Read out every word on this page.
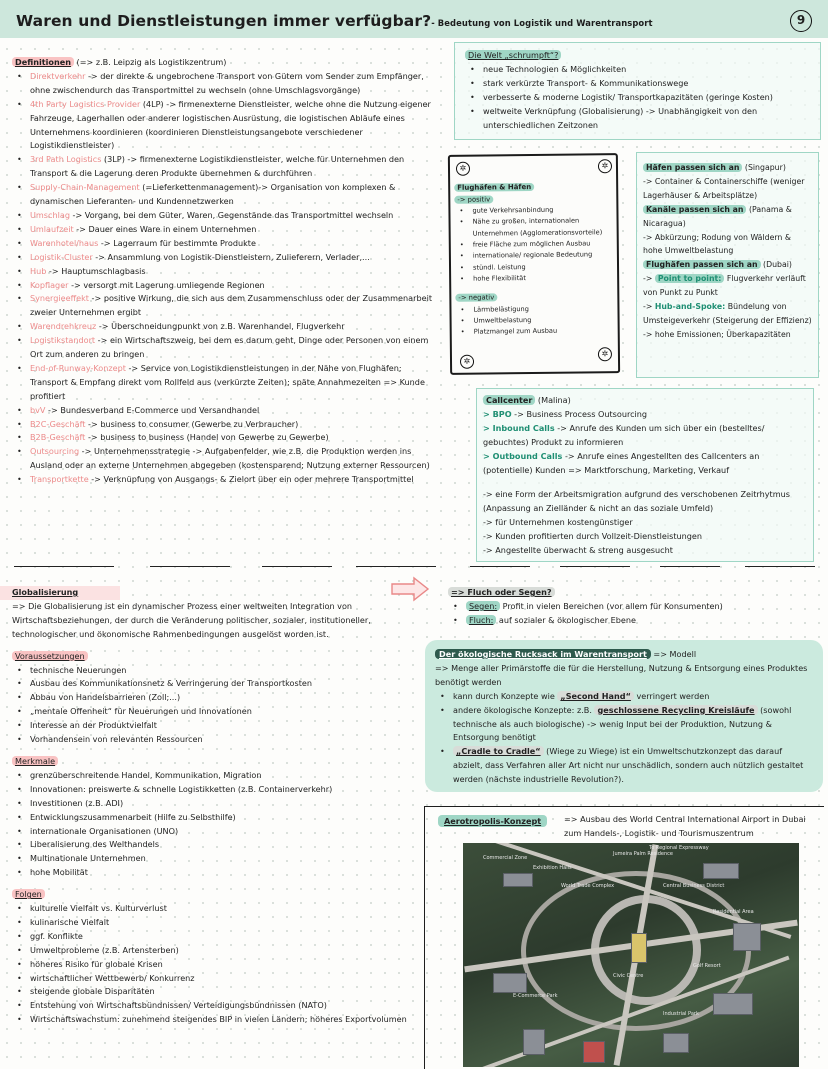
Waren und Dienstleistungen immer verfügbar?- Bedeutung von Logistik und Warentransport	9
Definitionen (=> z.B. Leipzig als Logistikzentrum)
• Direktverkehr -> der direkte & ungebrochene Transport von Gütern vom Sender zum Empfänger, ohne zwischendurch das Transportmittel zu wechseln (ohne Umschlagsvorgänge)
• 4th Party Logistics Provider (4LP) -> firmenexterne Dienstleister, welche ohne die Nutzung eigener Fahrzeuge, Lagerhallen oder anderer logistischen Ausrüstung, die logistischen Abläufe eines Unternehmens koordinieren (koordinieren Dienstleistungsangebote verschiedener Logistikdienstleister)
• 3rd Path Logistics (3LP) -> firmenexterne Logistikdienstleister, welche für Unternehmen den Transport & die Lagerung deren Produkte übernehmen & durchführen
• Supply-Chain-Management (=Lieferkettenmanagement)-> Organisation von komplexen & dynamischen Lieferanten- und Kundennetzwerken
• Umschlag -> Vorgang, bei dem Güter, Waren, Gegenstände das Transportmittel wechseln
• Umlaufzeit -> Dauer eines Ware in einem Unternehmen
• Warenhotel/haus -> Lagerraum für bestimmte Produkte
• Logistik-Cluster -> Ansammlung von Logistik-Dienstleistern, Zulieferern, Verlader,...
• Hub -> Hauptumschlagbasis
• Kopflager -> versorgt mit Lagerung umliegende Regionen
• Synergieeffekt -> positive Wirkung, die sich aus dem Zusammenschluss oder der Zusammenarbeit zweier Unternehmen ergibt
• Warendrehkreuz -> Überschneidungpunkt von z.B. Warenhandel, Flugverkehr
• Logistikstandort -> ein Wirtschaftszweig, bei dem es darum geht, Dinge oder Personen von einem Ort zum anderen zu bringen
• End-of-Runway-Konzept -> Service von Logistikdienstleistungen in der Nähe von Flughäfen; Transport & Empfang direkt vom Rollfeld aus (verkürzte Zeiten); späte Annahmezeiten => Kunde profitiert
• bvV -> Bundesverband E-Commerce und Versandhandel
• B2C-Geschäft -> business to consumer (Gewerbe zu Verbraucher)
• B2B-Geschäft -> business to business (Handel von Gewerbe zu Gewerbe)
• Outsourcing -> Unternehmensstrategie -> Aufgabenfelder, wie z.B. die Produktion werden ins Ausland oder an externe Unternehmen abgegeben (kostensparend; Nutzung externer Ressourcen)
• Transportkette -> Verknüpfung von Ausgangs- & Zielort über ein oder mehrere Transportmittel
Die Welt „schrumpft“?
• neue Technologien & Möglichkeiten
• stark verkürzte Transport- & Kommunikationswege
• verbesserte & moderne Logistik/ Transportkapazitäten (geringe Kosten)
• weltweite Verknüpfung (Globalisierung) -> Unabhängigkeit von den unterschiedlichen Zeitzonen
✲	✲
✲
✲
Flughäfen & Häfen
-> positiv
• gute Verkehrsanbindung
• Nähe zu großen, internationalen Unternehmen (Agglomerationsvorteile)
• freie Fläche zum möglichen Ausbau
• internationale/ regionale Bedeutung
• stündl. Leistung
• hohe Flexibilität
-> negativ
• Lärmbelästigung
• Umweltbelastung
• Platzmangel zum Ausbau
Häfen passen sich an (Singapur)
-> Container & Containerschiffe (weniger Lagerhäuser & Arbeitsplätze)
Kanäle passen sich an (Panama & Nicaragua)
-> Abkürzung; Rodung von Wäldern & hohe Umweltbelastung
Flughäfen passen sich an (Dubai)
-> Point to point: Flugverkehr verläuft von Punkt zu Punkt
-> Hub-and-Spoke: Bündelung von Umsteigeverkehr (Steigerung der Effizienz)
-> hohe Emissionen; Überkapazitäten
Callcenter (Malina)
> BPO -> Business Process Outsourcing
> Inbound Calls -> Anrufe des Kunden um sich über ein (bestelltes/ gebuchtes) Produkt zu informieren
> Outbound Calls -> Anrufe eines Angestellten des Callcenters an (potentielle) Kunden => Marktforschung, Marketing, Verkauf
-> eine Form der Arbeitsmigration aufgrund des verschobenen Zeitrhytmus (Anpassung an Zielländer & nicht an das soziale Umfeld)
-> für Unternehmen kostengünstiger
-> Kunden profitierten durch Vollzeit-Dienstleistungen
-> Angestellte überwacht & streng ausgesucht
Globalisierung
=> Die Globalisierung ist ein dynamischer Prozess einer weltweiten Integration von Wirtschaftsbeziehungen, der durch die Veränderung politischer, sozialer, institutioneller, technologischer und ökonomische Rahmenbedingungen ausgelöst worden ist.
Voraussetzungen
• technische Neuerungen
• Ausbau des Kommunikationsnetz & Verringerung der Transportkosten
• Abbau von Handelsbarrieren (Zoll;...)
• „mentale Offenheit“ für Neuerungen und Innovationen
• Interesse an der Produktvielfalt
• Vorhandensein von relevanten Ressourcen
Merkmale
• grenzüberschreitende Handel, Kommunikation, Migration
• Innovationen: preiswerte & schnelle Logistikketten (z.B. Containerverkehr)
• Investitionen (z.B. ADI)
• Entwicklungszusammenarbeit (Hilfe zu Selbsthilfe)
• internationale Organisationen (UNO)
• Liberalisierung des Welthandels
• Multinationale Unternehmen
• hohe Mobilität
Folgen
• kulturelle Vielfalt vs. Kulturverlust
• kulinarische Vielfalt
• ggf. Konflikte
• Umweltprobleme (z.B. Artensterben)
• höheres Risiko für globale Krisen
• wirtschaftlicher Wettbewerb/ Konkurrenz
• steigende globale Disparitäten
• Entstehung von Wirtschaftsbündnissen/ Verteidigungsbündnissen (NATO)
• Wirtschaftswachstum: zunehmend steigendes BIP in vielen Ländern; höheres Exportvolumen
=> Fluch oder Segen?
• Segen: Profit in vielen Bereichen (vor allem für Konsumenten)
• Fluch: auf sozialer & ökologischer Ebene
Der ökologische Rucksack im Warentransport => Modell
=> Menge aller Primärstoffe die für die Herstellung, Nutzung & Entsorgung eines Produktes benötigt werden
• kann durch Konzepte wie „Second Hand“ verringert werden
• andere ökologische Konzepte: z.B. geschlossene Recycling Kreisläufe (sowohl technische als auch biologische) -> wenig Input bei der Produktion, Nutzung & Entsorgung benötigt
• „Cradle to Cradle“ (Wiege zu Wiege) ist ein Umweltschutzkonzept das darauf abzielt, dass Verfahren aller Art nicht nur unschädlich, sondern auch nützlich gestaltet werden (nächste industrielle Revolution?).
Aerotropolis-Konzept	=> Ausbau des World Central International Airport in Dubai zum Handels-, Logistik- und Tourismuszentrum
Commercial Zone
Exhibition Halls
Jumeira Palm Residence
World Trade Complex	Central Business District
Residential Area
E-Commerce Park
Golf Resort
Industrial Park
Civic Centre
To Regional Expressway
